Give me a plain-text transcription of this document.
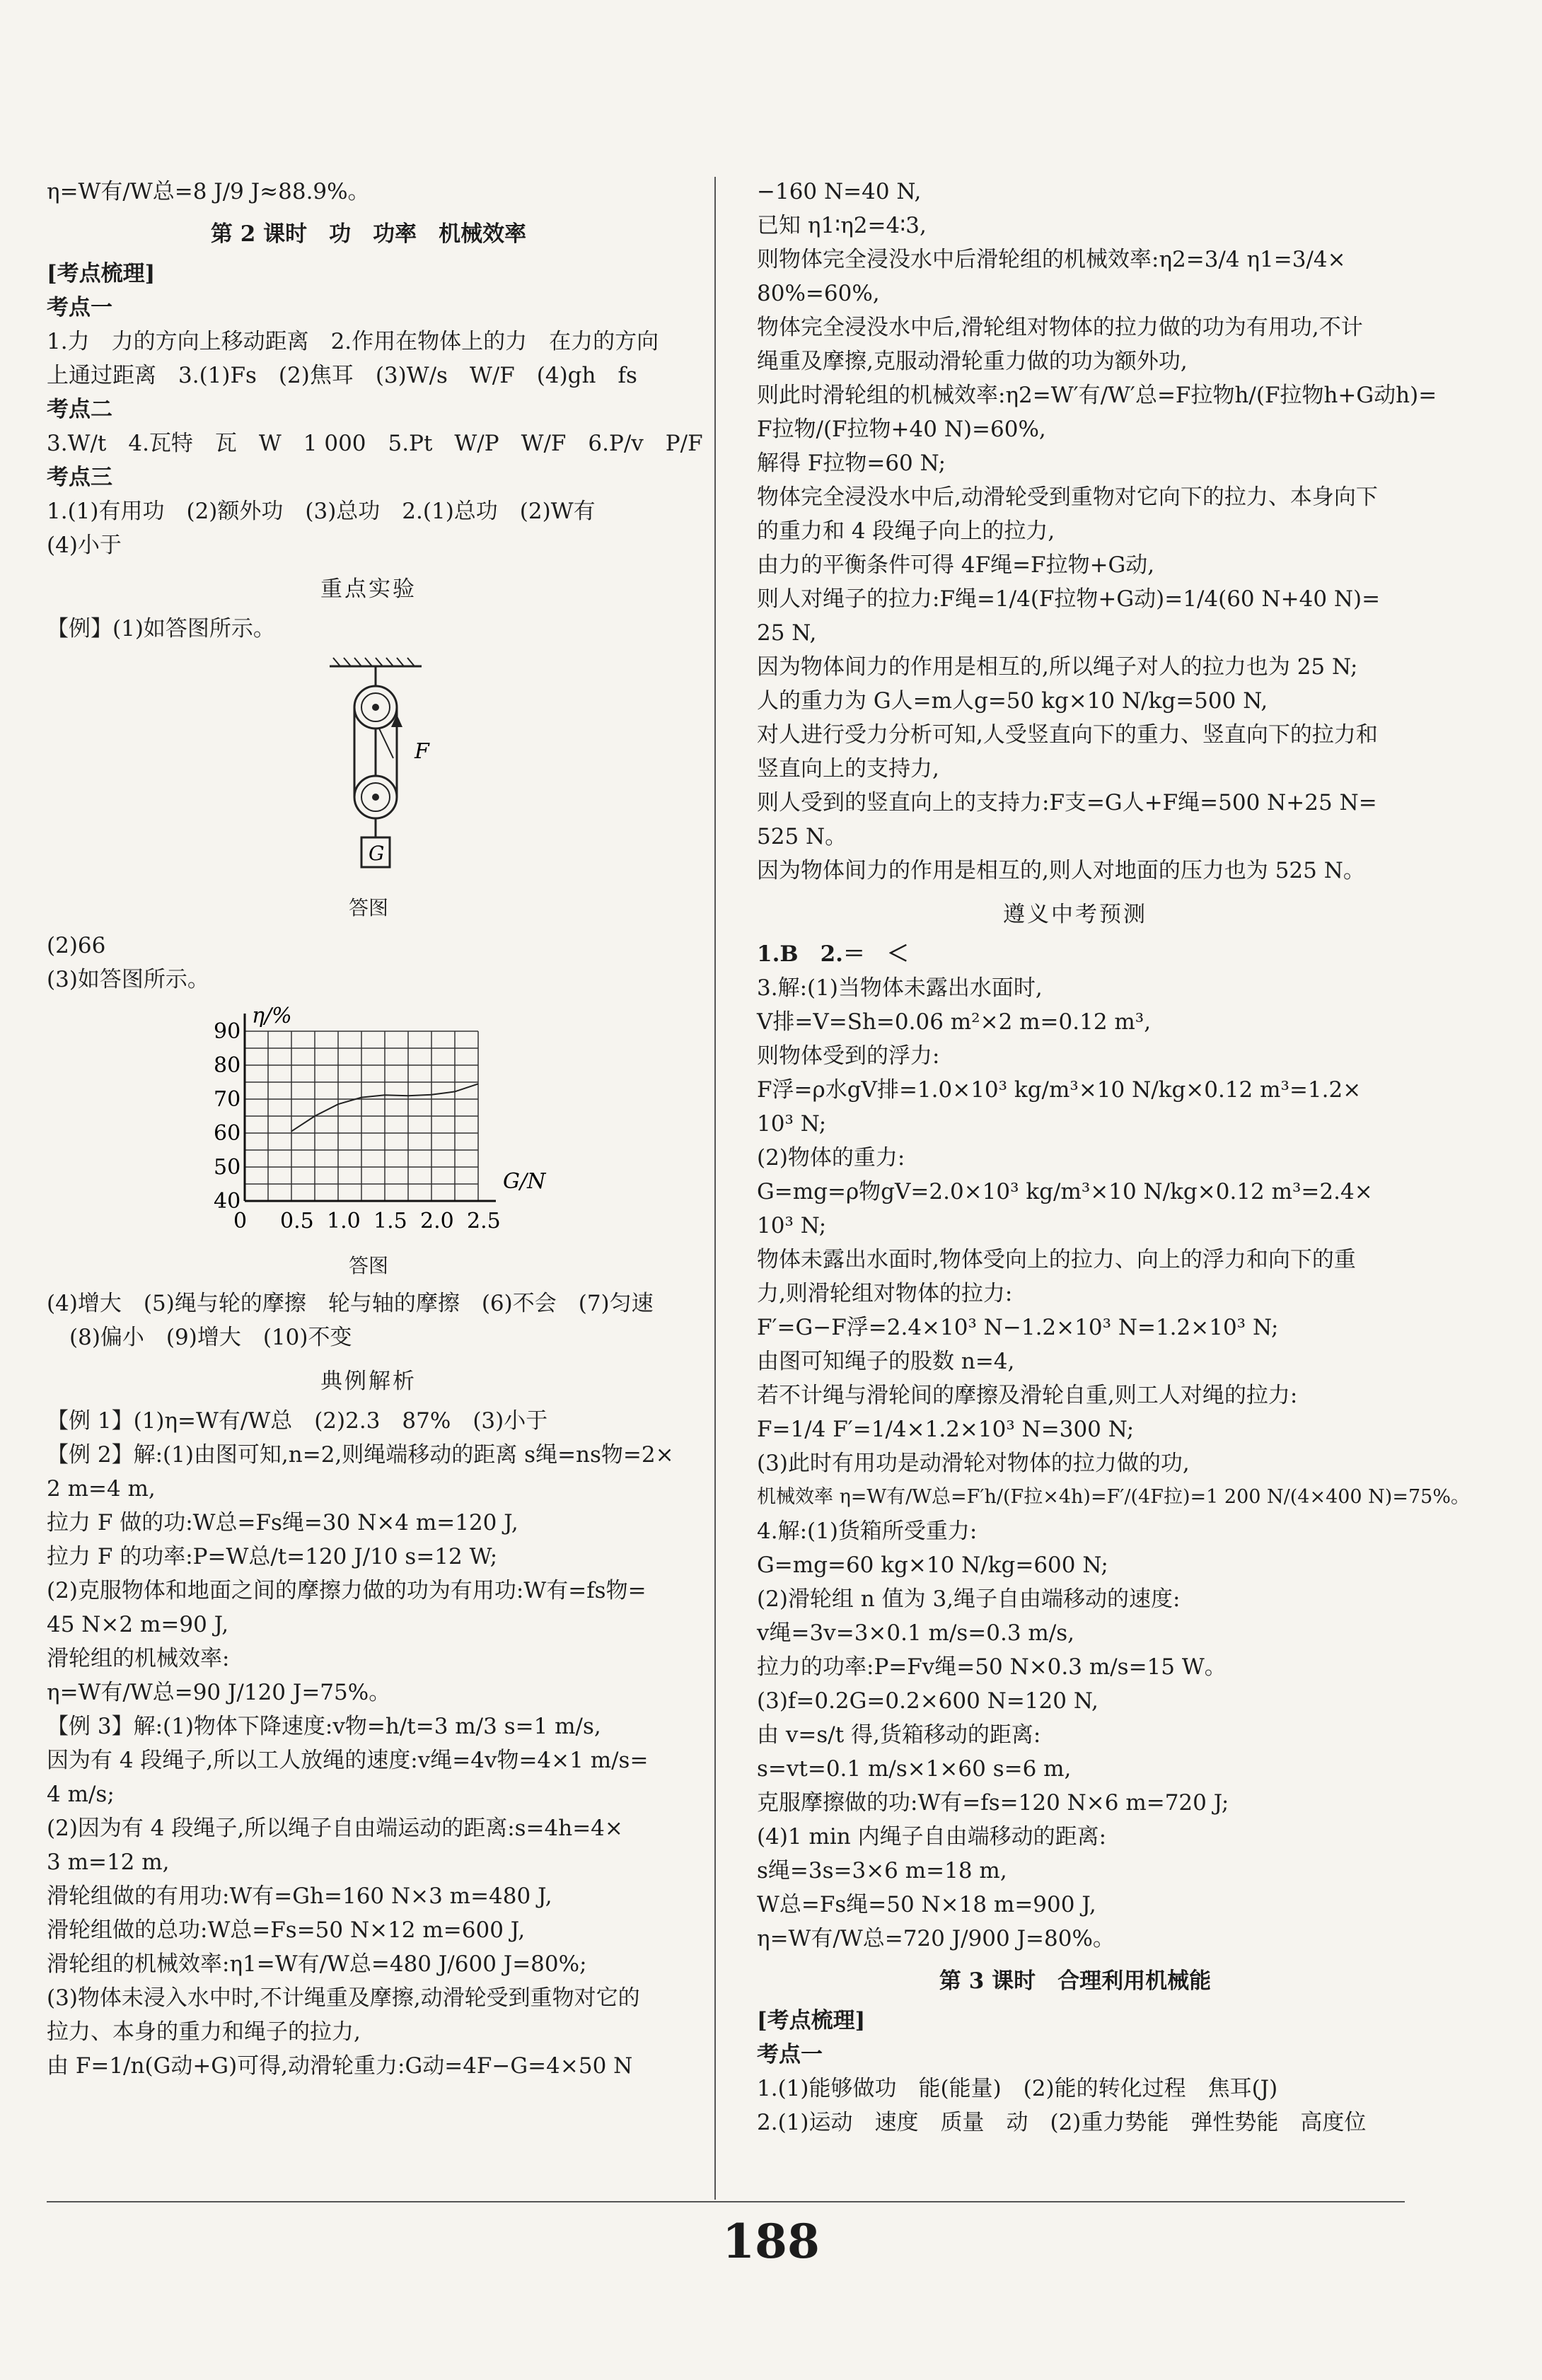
η=W有/W总=8 J/9 J≈88.9%。
第 2 课时　功　功率　机械效率
[考点梳理]
考点一
1.力　力的方向上移动距离　2.作用在物体上的力　在力的方向
上通过距离　3.(1)Fs　(2)焦耳　(3)W/s　W/F　(4)gh　fs
考点二
3.W/t　4.瓦特　瓦　W　1 000　5.Pt　W/P　W/F　6.P/v　P/F
考点三
1.(1)有用功　(2)额外功　(3)总功　2.(1)总功　(2)W有
(4)小于
重点实验
【例】(1)如答图所示。
F
G
答图
(2)66
(3)如答图所示。
0 0.5 1.0 1.5 2.0 2.5
40
50
60
70
80
90
η/%
G/N
答图
(4)增大　(5)绳与轮的摩擦　轮与轴的摩擦　(6)不会　(7)匀速
(8)偏小　(9)增大　(10)不变
典例解析
【例 1】(1)η=W有/W总　(2)2.3　87%　(3)小于
【例 2】解:(1)由图可知,n=2,则绳端移动的距离 s绳=ns物=2×
2 m=4 m,
拉力 F 做的功:W总=Fs绳=30 N×4 m=120 J,
拉力 F 的功率:P=W总/t=120 J/10 s=12 W;
(2)克服物体和地面之间的摩擦力做的功为有用功:W有=fs物=
45 N×2 m=90 J,
滑轮组的机械效率:
η=W有/W总=90 J/120 J=75%。
【例 3】解:(1)物体下降速度:v物=h/t=3 m/3 s=1 m/s,
因为有 4 段绳子,所以工人放绳的速度:v绳=4v物=4×1 m/s=
4 m/s;
(2)因为有 4 段绳子,所以绳子自由端运动的距离:s=4h=4×
3 m=12 m,
滑轮组做的有用功:W有=Gh=160 N×3 m=480 J,
滑轮组做的总功:W总=Fs=50 N×12 m=600 J,
滑轮组的机械效率:η1=W有/W总=480 J/600 J=80%;
(3)物体未浸入水中时,不计绳重及摩擦,动滑轮受到重物对它的
拉力、本身的重力和绳子的拉力,
由 F=1/n(G动+G)可得,动滑轮重力:G动=4F−G=4×50 N
−160 N=40 N,
已知 η1∶η2=4∶3,
则物体完全浸没水中后滑轮组的机械效率:η2=3/4 η1=3/4×
80%=60%,
物体完全浸没水中后,滑轮组对物体的拉力做的功为有用功,不计
绳重及摩擦,克服动滑轮重力做的功为额外功,
则此时滑轮组的机械效率:η2=W′有/W′总=F拉物h/(F拉物h+G动h)=
F拉物/(F拉物+40 N)=60%,
解得 F拉物=60 N;
物体完全浸没水中后,动滑轮受到重物对它向下的拉力、本身向下
的重力和 4 段绳子向上的拉力,
由力的平衡条件可得 4F绳=F拉物+G动,
则人对绳子的拉力:F绳=1/4(F拉物+G动)=1/4(60 N+40 N)=
25 N,
因为物体间力的作用是相互的,所以绳子对人的拉力也为 25 N;
人的重力为 G人=m人g=50 kg×10 N/kg=500 N,
对人进行受力分析可知,人受竖直向下的重力、竖直向下的拉力和
竖直向上的支持力,
则人受到的竖直向上的支持力:F支=G人+F绳=500 N+25 N=
525 N。
因为物体间力的作用是相互的,则人对地面的压力也为 525 N。
遵义中考预测
1.B　2.＝　＜
3.解:(1)当物体未露出水面时,
V排=V=Sh=0.06 m²×2 m=0.12 m³,
则物体受到的浮力:
F浮=ρ水gV排=1.0×10³ kg/m³×10 N/kg×0.12 m³=1.2×
10³ N;
(2)物体的重力:
G=mg=ρ物gV=2.0×10³ kg/m³×10 N/kg×0.12 m³=2.4×
10³ N;
物体未露出水面时,物体受向上的拉力、向上的浮力和向下的重
力,则滑轮组对物体的拉力:
F′=G−F浮=2.4×10³ N−1.2×10³ N=1.2×10³ N;
由图可知绳子的股数 n=4,
若不计绳与滑轮间的摩擦及滑轮自重,则工人对绳的拉力:
F=1/4 F′=1/4×1.2×10³ N=300 N;
(3)此时有用功是动滑轮对物体的拉力做的功,
机械效率 η=W有/W总=F′h/(F拉×4h)=F′/(4F拉)=1 200 N/(4×400 N)=75%。
4.解:(1)货箱所受重力:
G=mg=60 kg×10 N/kg=600 N;
(2)滑轮组 n 值为 3,绳子自由端移动的速度:
v绳=3v=3×0.1 m/s=0.3 m/s,
拉力的功率:P=Fv绳=50 N×0.3 m/s=15 W。
(3)f=0.2G=0.2×600 N=120 N,
由 v=s/t 得,货箱移动的距离:
s=vt=0.1 m/s×1×60 s=6 m,
克服摩擦做的功:W有=fs=120 N×6 m=720 J;
(4)1 min 内绳子自由端移动的距离:
s绳=3s=3×6 m=18 m,
W总=Fs绳=50 N×18 m=900 J,
η=W有/W总=720 J/900 J=80%。
第 3 课时　合理利用机械能
[考点梳理]
考点一
1.(1)能够做功　能(能量)　(2)能的转化过程　焦耳(J)
2.(1)运动　速度　质量　动　(2)重力势能　弹性势能　高度位
188
